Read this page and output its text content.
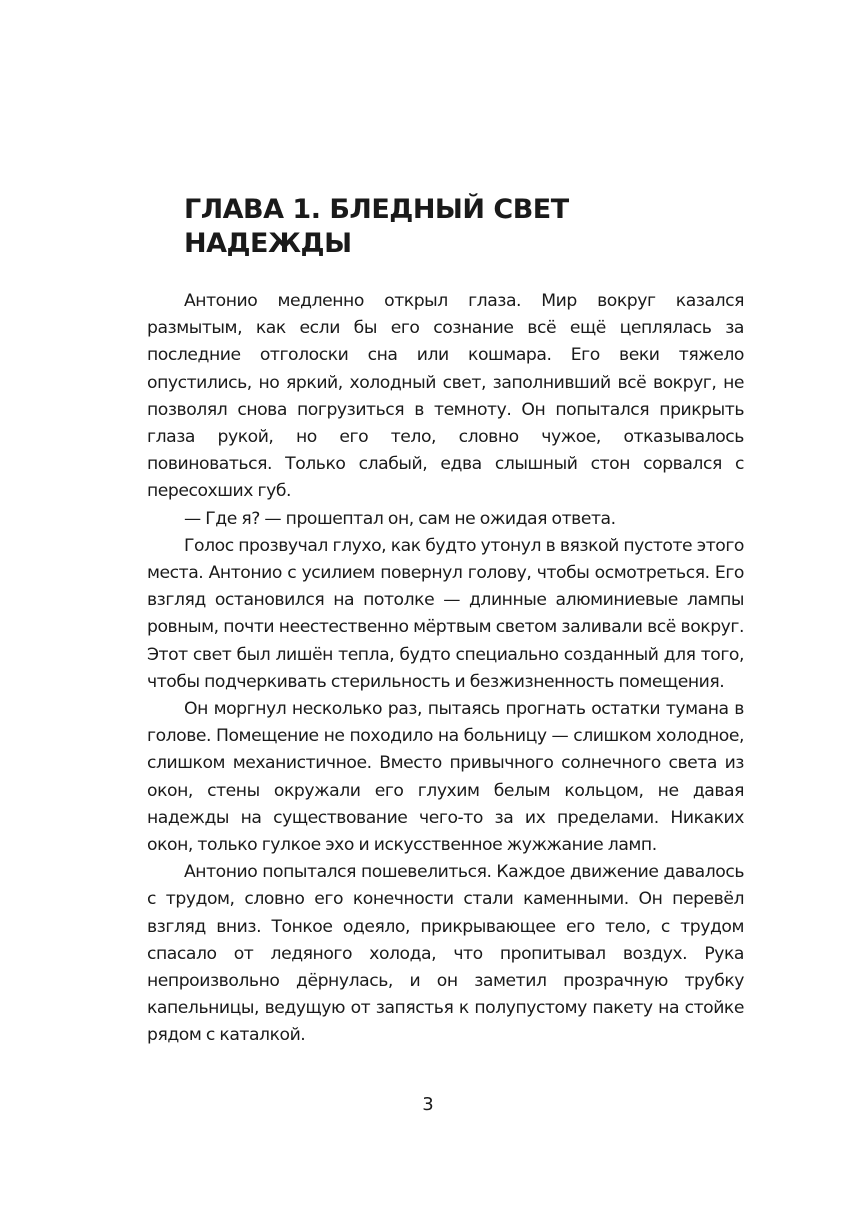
ГЛАВА 1. БЛЕДНЫЙ СВЕТ
НАДЕЖДЫ

Антонио медленно открыл глаза. Мир вокруг казался размытым, как если бы его сознание всё ещё цеплялась за последние отголоски сна или кошмара. Его веки тяжело опустились, но яркий, холодный свет, заполнивший всё вокруг, не позволял снова погрузиться в темноту. Он попытался прикрыть глаза рукой, но его тело, словно чужое, отказывалось повиноваться. Только слабый, едва слышный стон сорвался с пересохших губ.

— Где я? — прошептал он, сам не ожидая ответа.

Голос прозвучал глухо, как будто утонул в вязкой пустоте этого места. Антонио с усилием повернул голову, чтобы осмотреться. Его взгляд остановился на потолке — длинные алюминиевые лампы ровным, почти неестественно мёртвым светом заливали всё вокруг. Этот свет был лишён тепла, будто специально созданный для того, чтобы подчеркивать стерильность и безжизненность помещения.

Он моргнул несколько раз, пытаясь прогнать остатки тумана в голове. Помещение не походило на больницу — слишком холодное, слишком механистичное. Вместо привычного солнечного света из окон, стены окружали его глухим белым кольцом, не давая надежды на существование чего-то за их пределами. Никаких окон, только гулкое эхо и искусственное жужжание ламп.

Антонио попытался пошевелиться. Каждое движение давалось с трудом, словно его конечности стали каменными. Он перевёл взгляд вниз. Тонкое одеяло, прикрывающее его тело, с трудом спасало от ледяного холода, что пропитывал воздух. Рука непроизвольно дёрнулась, и он заметил прозрачную трубку капельницы, ведущую от запястья к полупустому пакету на стойке рядом с каталкой.

3
